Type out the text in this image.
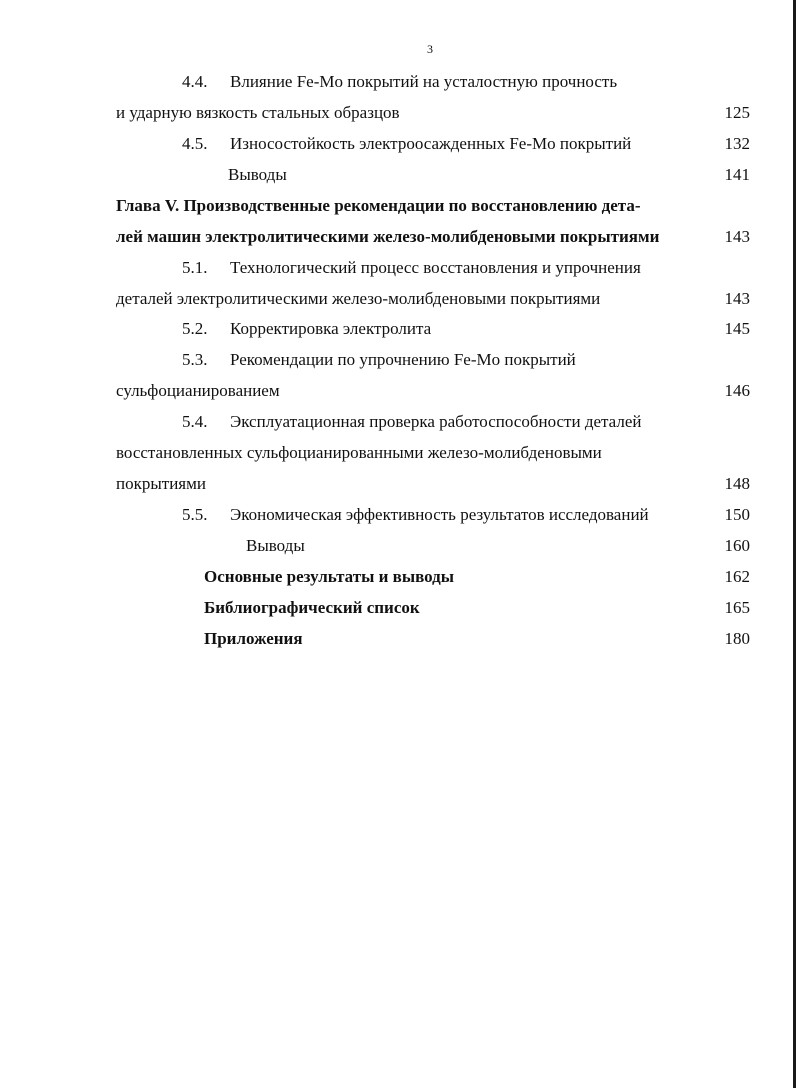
3
4.4. Влияние Fe-Mo покрытий на усталостную прочность
и ударную вязкость стальных образцов	125
4.5. Износостойкость электроосажденных Fe-Mo покрытий	132
Выводы	141
Глава V. Производственные рекомендации по восстановлению дета-
лей машин электролитическими железо-молибденовыми покрытиями	143
5.1. Технологический процесс восстановления и упрочнения
деталей электролитическими железо-молибденовыми покрытиями	143
5.2. Корректировка электролита	145
5.3. Рекомендации по упрочнению Fe-Mo покрытий
сульфоцианированием	146
5.4. Эксплуатационная проверка работоспособности деталей
восстановленных сульфоцианированными железо-молибденовыми
покрытиями	148
5.5. Экономическая эффективность результатов исследований	150
Выводы	160
Основные результаты и выводы	162
Библиографический список	165
Приложения	180
